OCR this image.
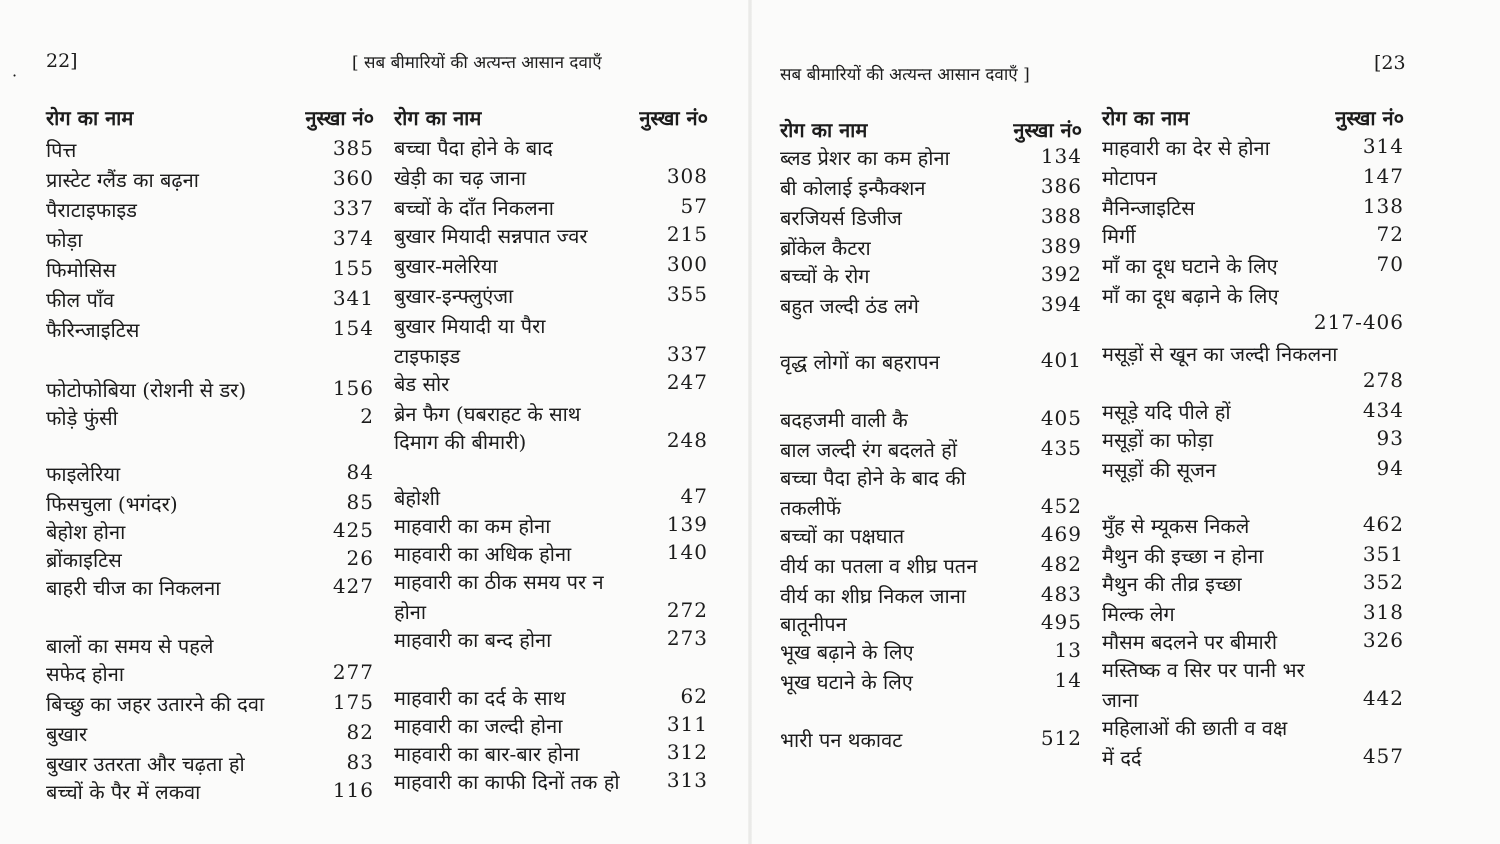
·
22]	[ सब बीमारियों की अत्यन्त आसान दवाएँ
रोग का नाम	नुस्खा नं०
पित्त	385
प्रास्टेट ग्लैंड का बढ़ना	360
पैराटाइफाइड	337
फोड़ा	374
फिमोसिस	155
फील पाँव	341
फैरिन्जाइटिस	154
फोटोफोबिया (रोशनी से डर)	156
फोड़े फुंसी	2
फाइलेरिया	84
फिसचुला (भगंदर)	85
बेहोश होना	425
ब्रोंकाइटिस	26
बाहरी चीज का निकलना	427
बालों का समय से पहले
सफेद होना	277
बिच्छु का जहर उतारने की दवा	175
बुखार	82
बुखार उतरता और चढ़ता हो	83
बच्चों के पैर में लकवा	116
रोग का नाम	नुस्खा नं०
बच्चा पैदा होने के बाद
खेड़ी का चढ़ जाना	308
बच्चों के दाँत निकलना	57
बुखार मियादी सन्नपात ज्वर	215
बुखार-मलेरिया	300
बुखार-इन्फ्लुएंजा	355
बुखार मियादी या पैरा
टाइफाइड	337
बेड सोर	247
ब्रेन फैग (घबराहट के साथ
दिमाग की बीमारी)	248
बेहोशी	47
माहवारी का कम होना	139
माहवारी का अधिक होना	140
माहवारी का ठीक समय पर न
होना	272
माहवारी का बन्द होना	273
माहवारी का दर्द के साथ	62
माहवारी का जल्दी होना	311
माहवारी का बार-बार होना	312
माहवारी का काफी दिनों तक हो 313
सब बीमारियों की अत्यन्त आसान दवाएँ ]
[23
रोग का नाम	नुस्खा नं०
ब्लड प्रेशर का कम होना	134
बी कोलाई इन्फैक्शन	386
बरजियर्स डिजीज	388
ब्रोंकेल कैटरा	389
बच्चों के रोग	392
बहुत जल्दी ठंड लगे	394
वृद्ध लोगों का बहरापन	401
बदहजमी वाली कै	405
बाल जल्दी रंग बदलते हों	435
बच्चा पैदा होने के बाद की
तकलीफें	452
बच्चों का पक्षघात	469
वीर्य का पतला व शीघ्र पतन	482
वीर्य का शीघ्र निकल जाना	483
बातूनीपन	495
भूख बढ़ाने के लिए	13
भूख घटाने के लिए	14
भारी पन थकावट	512
रोग का नाम	नुस्खा नं०
माहवारी का देर से होना	314
मोटापन	147
मैनिन्जाइटिस	138
मिर्गी	72
माँ का दूध घटाने के लिए	70
माँ का दूध बढ़ाने के लिए
217-406
मसूड़ों से खून का जल्दी निकलना
278
मसूड़े यदि पीले हों	434
मसूड़ों का फोड़ा	93
मसूड़ों की सूजन	94
मुँह से म्यूकस निकले	462
मैथुन की इच्छा न होना	351
मैथुन की तीव्र इच्छा	352
मिल्क लेग	318
मौसम बदलने पर बीमारी	326
मस्तिष्क व सिर पर पानी भर
जाना	442
महिलाओं की छाती व वक्ष
में दर्द	457
